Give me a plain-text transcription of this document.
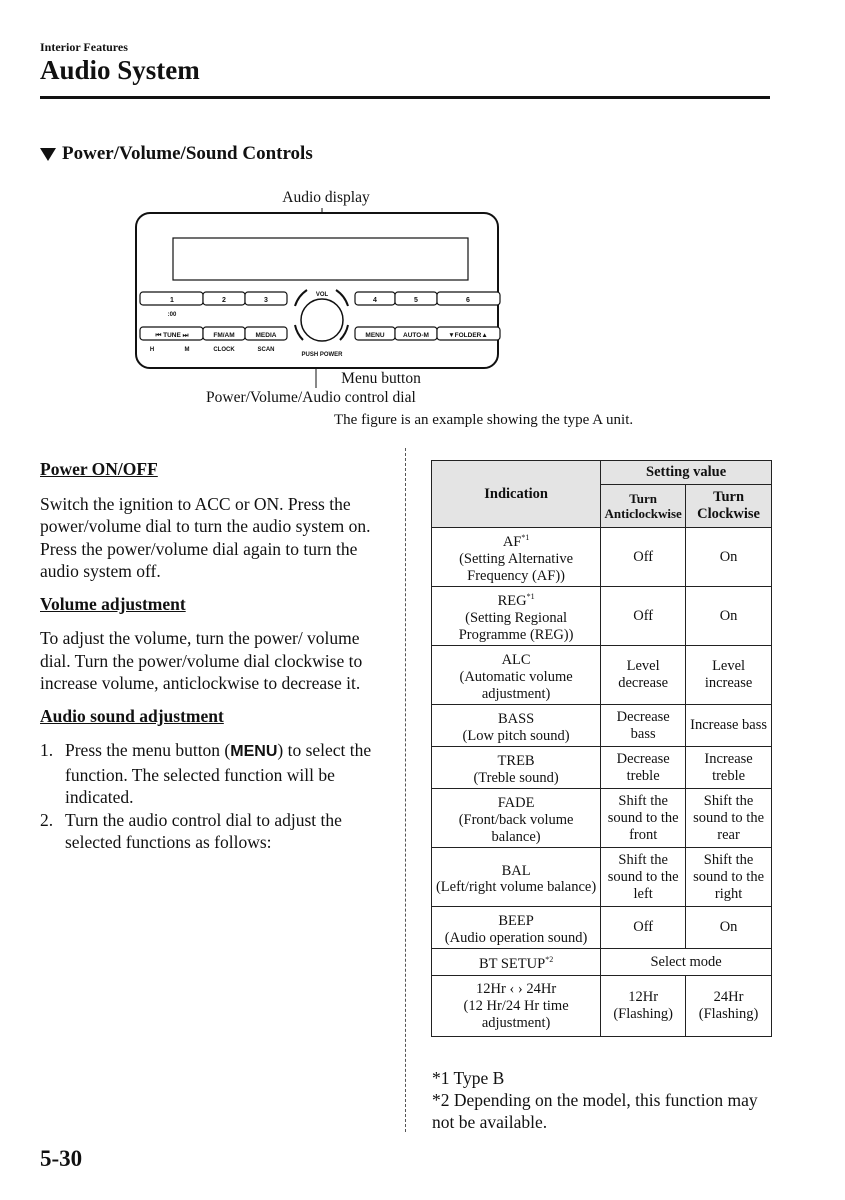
Interior Features
Audio System
Power/Volume/Sound Controls
Audio display
Menu button
Power/Volume/Audio control dial
1	2	3	4	5	6
:00
VOL
PUSH POWER
⏮ TUNE ⏭	FM/AM	MEDIA	MENU	AUTO-M	▼FOLDER▲
H	M	CLOCK	SCAN
The figure is an example showing the type A unit.
Power ON/OFF

Switch the ignition to ACC or ON. Press the power/volume dial to turn the audio system on. Press the power/volume dial again to turn the audio system off.

Volume adjustment

To adjust the volume, turn the power/ volume dial. Turn the power/volume dial clockwise to increase volume, anticlockwise to decrease it.

Audio sound adjustment
1. Press the menu button (MENU) to select the function. The selected function will be indicated.
2. Turn the audio control dial to adjust the selected functions as follows:
Indication	Setting value	
	Turn Anticlockwise	Turn Clockwise
AF$^{*1}$
(Setting Alternative Frequency (AF))	Off	On
REG$^{*1}$
(Setting Regional Programme (REG))	Off	On
ALC
(Automatic volume adjustment)	Level decrease	Level increase
BASS
(Low pitch sound)	Decrease bass	Increase bass
TREB
(Treble sound)	Decrease treble	Increase treble
FADE
(Front/back volume balance)	Shift the sound to the front	Shift the sound to the rear
BAL
(Left/right volume balance)	Shift the sound to the left	Shift the sound to the right
BEEP
(Audio operation sound)	Off	On
BT SETUP$^{*2}$	Select mode	
12Hr ‹ › 24Hr
(12 Hr/24 Hr time adjustment)	12Hr (Flashing)	24Hr (Flashing)
*1 Type B
*2 Depending on the model, this function may not be available.
5-30
